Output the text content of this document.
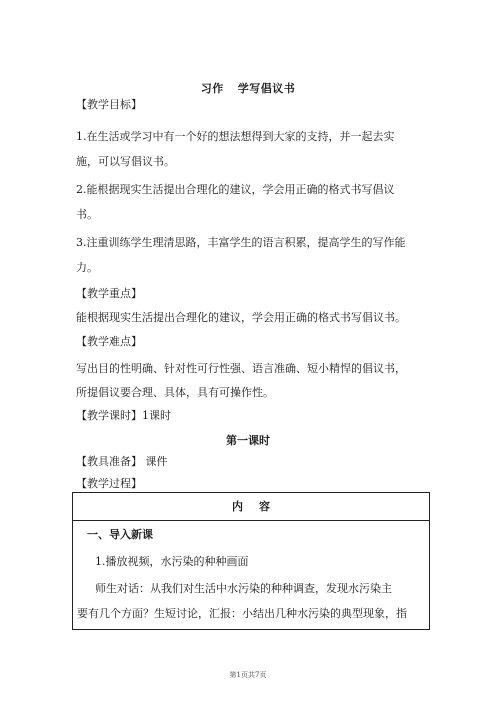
习作 学写倡议书
【教学目标】
1.在生活或学习中有一个好的想法想得到大家的支持，并一起去实
施，可以写倡议书。
2.能根据现实生活提出合理化的建议，学会用正确的格式书写倡议
书。
3.注重训练学生理清思路，丰富学生的语言积累，提高学生的写作能
力。
【教学重点】
能根据现实生活提出合理化的建议，学会用正确的格式书写倡议书。
【教学难点】
写出目的性明确、针对性可行性强、语言准确、短小精悍的倡议书，
所提倡议要合理、具体，具有可操作性。
【教学课时】1课时
第一课时
【教具准备】 课件
【教学过程】
内 容
一、导入新课
1.播放视频，水污染的种种画面
师生对话：从我们对生活中水污染的种种调查，发现水污染主
要有几个方面？生短讨论，汇报：小结出几种水污染的典型现象，指
第1页共7页
